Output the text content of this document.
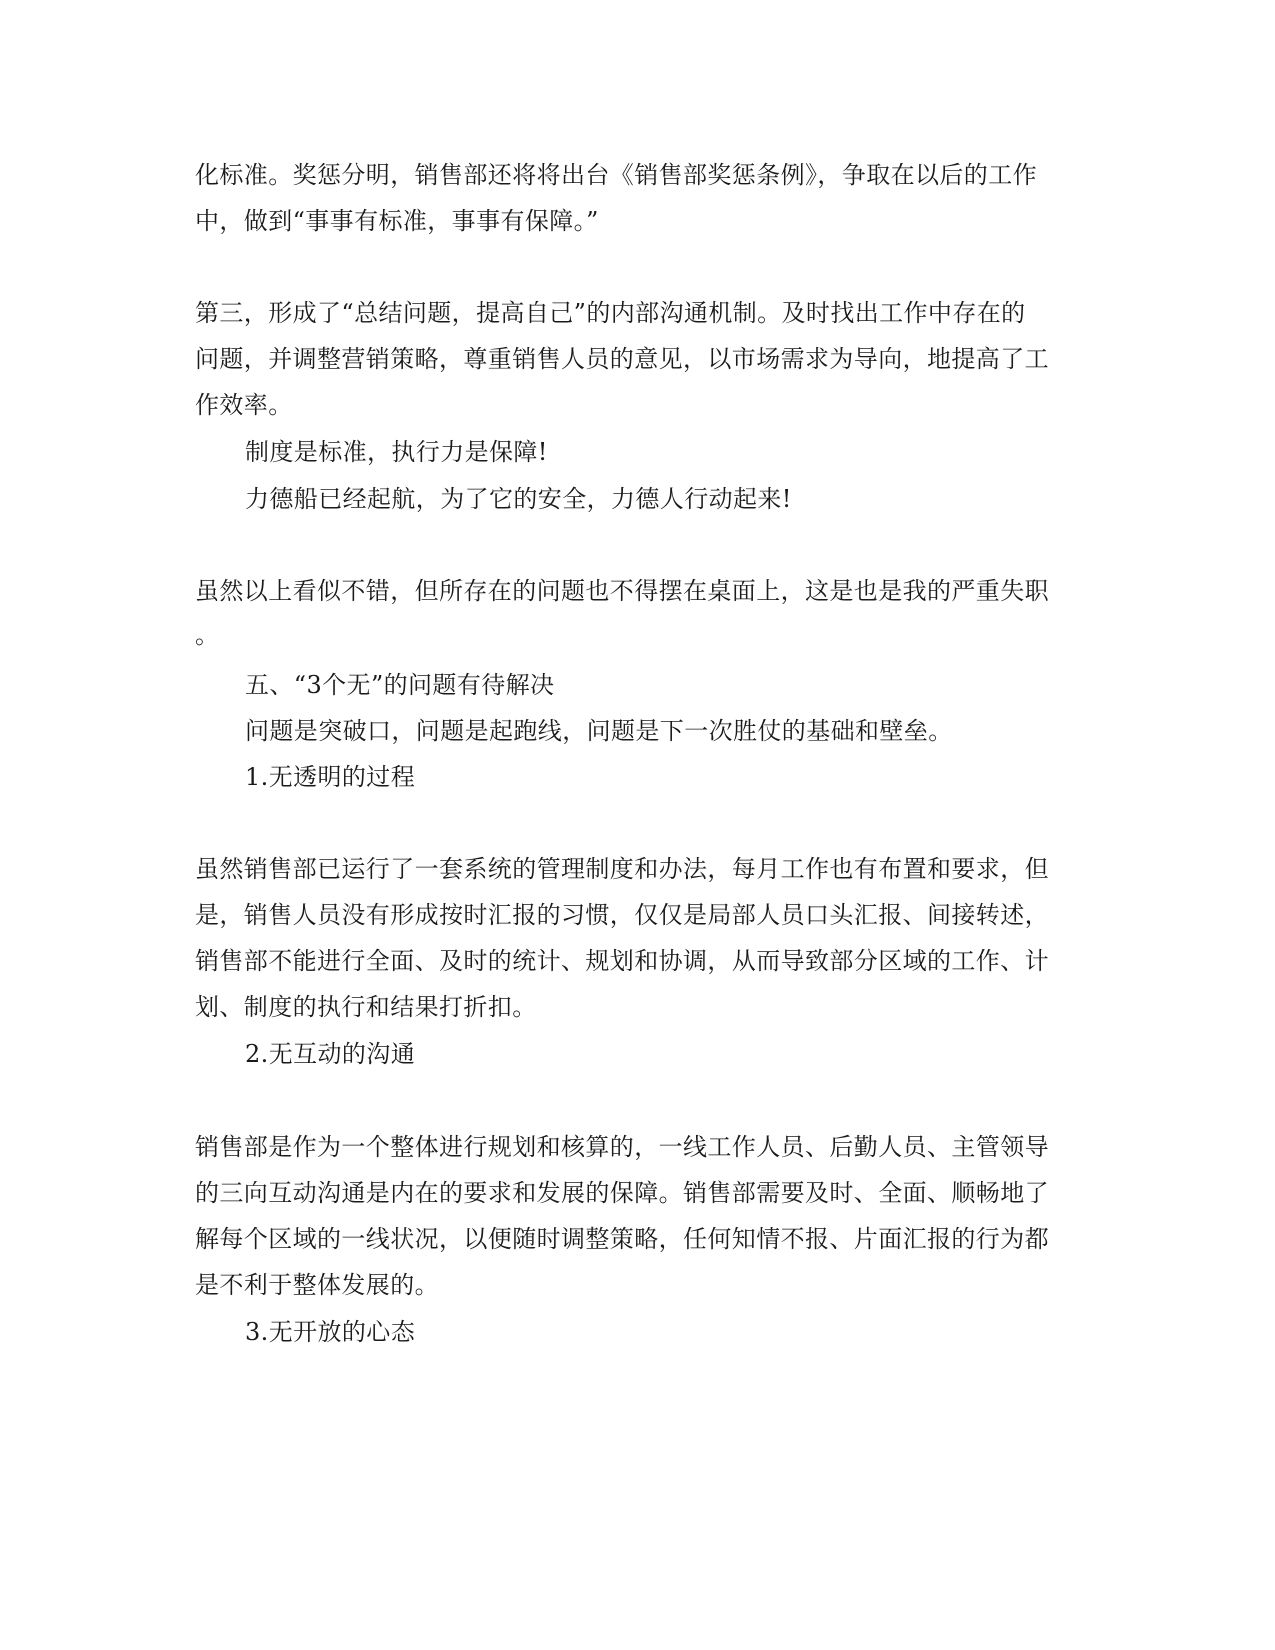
化标准。奖惩分明，销售部还将将出台《销售部奖惩条例》，争取在以后的工作
中，做到“事事有标准，事事有保障。”
第三，形成了“总结问题，提高自己”的内部沟通机制。及时找出工作中存在的
问题，并调整营销策略，尊重销售人员的意见，以市场需求为导向，地提高了工
作效率。
制度是标准，执行力是保障!
力德船已经起航，为了它的安全，力德人行动起来!
虽然以上看似不错，但所存在的问题也不得摆在桌面上，这是也是我的严重失职
。
五、“3个无”的问题有待解决
问题是突破口，问题是起跑线，问题是下一次胜仗的基础和壁垒。
1.无透明的过程
虽然销售部已运行了一套系统的管理制度和办法，每月工作也有布置和要求，但
是，销售人员没有形成按时汇报的习惯，仅仅是局部人员口头汇报、间接转述，
销售部不能进行全面、及时的统计、规划和协调，从而导致部分区域的工作、计
划、制度的执行和结果打折扣。
2.无互动的沟通
销售部是作为一个整体进行规划和核算的，一线工作人员、后勤人员、主管领导
的三向互动沟通是内在的要求和发展的保障。销售部需要及时、全面、顺畅地了
解每个区域的一线状况，以便随时调整策略，任何知情不报、片面汇报的行为都
是不利于整体发展的。
3.无开放的心态
